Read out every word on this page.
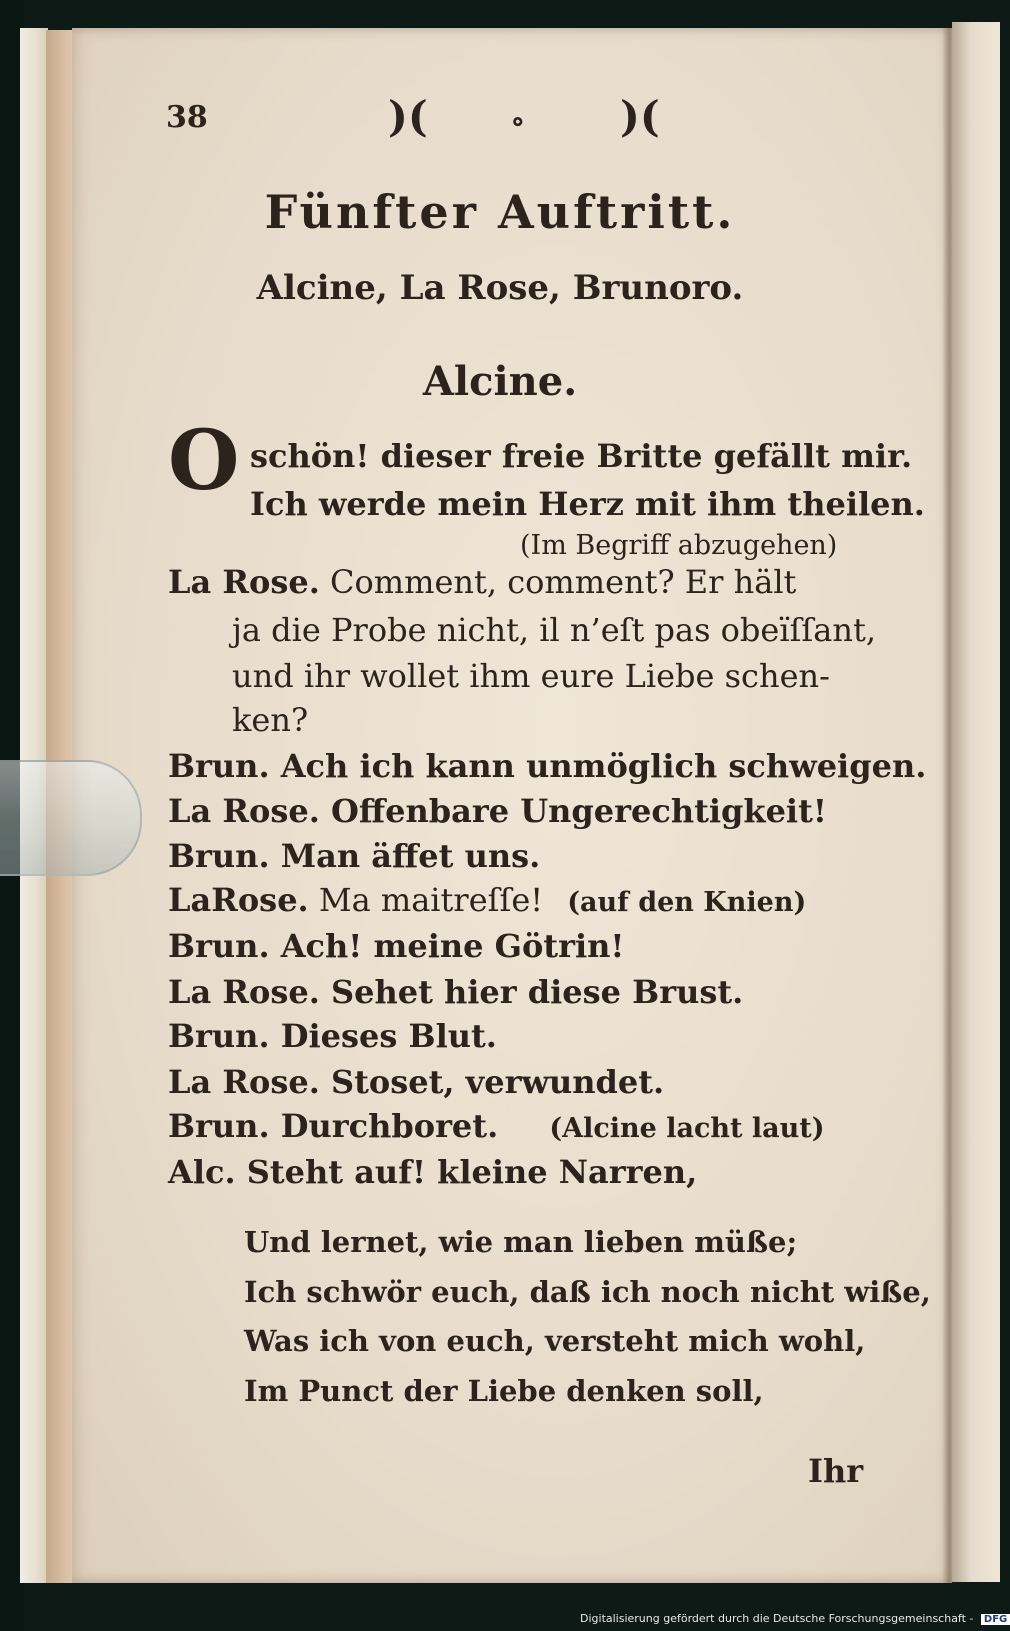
38	)(	∘ )(
Fünfter Auftritt.
Alcine, La Rose, Brunoro.
Alcine.
O schön! dieser freie Britte gefällt mir.
Ich werde mein Herz mit ihm theilen.
(Im Begriff abzugehen)
La Rose. Comment, comment? Er hält
ja die Probe nicht, il n’eſt pas obeïſſant,
und ihr wollet ihm eure Liebe schen-
ken?
Brun. Ach ich kann unmöglich schweigen.
La Rose. Offenbare Ungerechtigkeit!
Brun. Man äffet uns.
LaRose. Ma maitreſſe! (auf den Knien)
Brun. Ach! meine Götrin!
La Rose. Sehet hier diese Brust.
Brun. Dieses Blut.
La Rose. Stoset, verwundet.
Brun. Durchboret. (Alcine lacht laut)
Alc. Steht auf! kleine Narren,
Und lernet, wie man lieben müße;
Ich schwör euch, daß ich noch nicht wiße,
Was ich von euch, versteht mich wohl,
Im Punct der Liebe denken soll,
Ihr
Digitalisierung gefördert durch die Deutsche Forschungsgemeinschaft - DFG
